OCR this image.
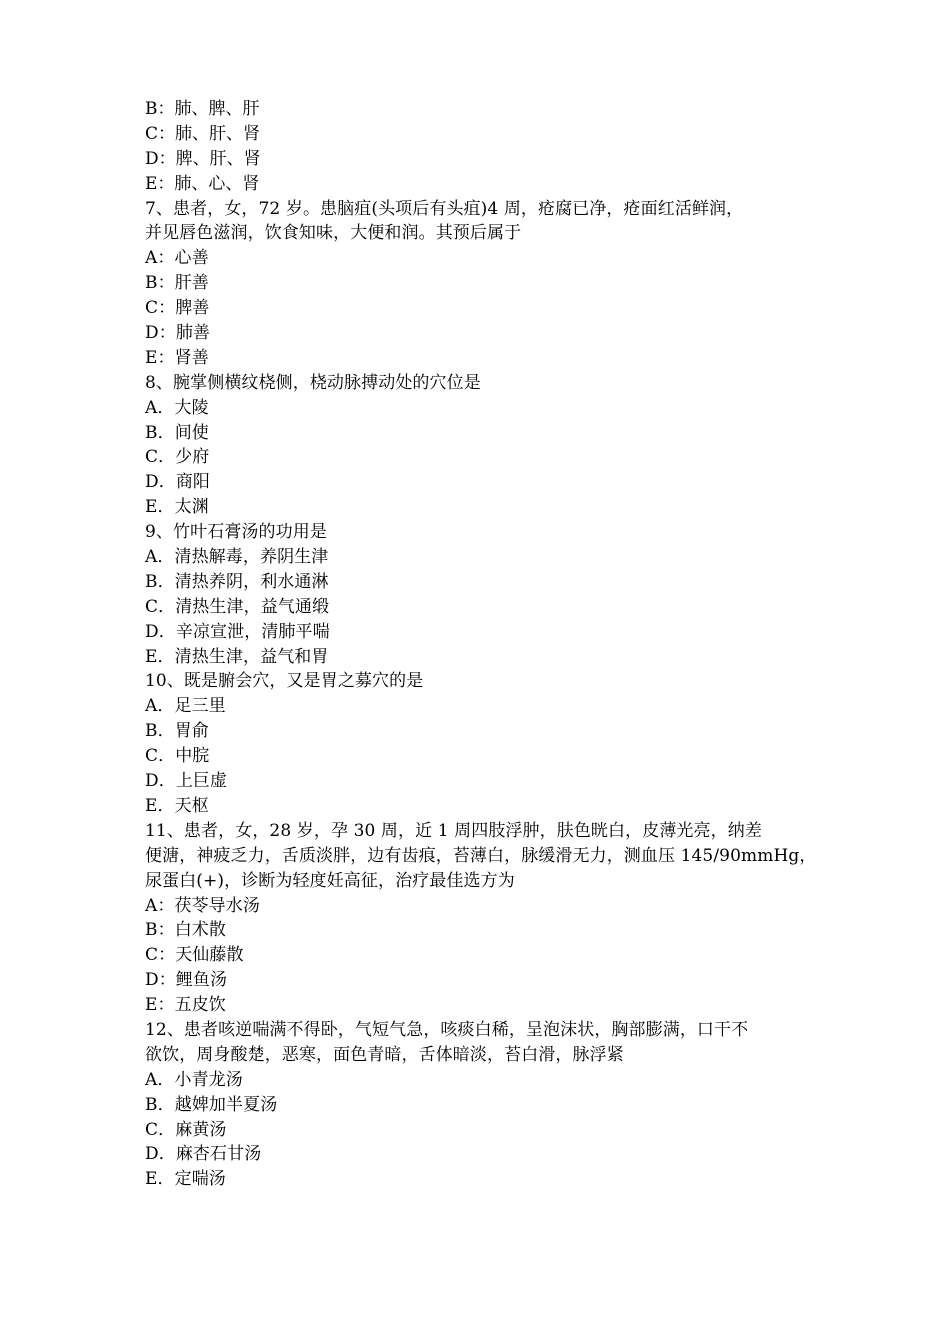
B：肺、脾、肝
C：肺、肝、肾
D：脾、肝、肾
E：肺、心、肾
7、患者，女，72 岁。患脑疽(头项后有头疽)4 周，疮腐已净，疮面红活鲜润，
并见唇色滋润，饮食知味，大便和润。其预后属于
A：心善
B：肝善
C：脾善
D：肺善
E：肾善
8、腕掌侧横纹桡侧，桡动脉搏动处的穴位是
A．大陵
B．间使
C．少府
D．商阳
E．太渊
9、竹叶石膏汤的功用是
A．清热解毒，养阴生津
B．清热养阴，利水通淋
C．清热生津，益气通缎
D．辛凉宣泄，清肺平喘
E．清热生津，益气和胃
10、既是腑会穴，又是胃之募穴的是
A．足三里
B．胃俞
C．中脘
D．上巨虚
E．天枢
11、患者，女，28 岁，孕 30 周，近 1 周四肢浮肿，肤色晄白，皮薄光亮，纳差
便溏，神疲乏力，舌质淡胖，边有齿痕，苔薄白，脉缓滑无力，测血压 145/90mmHg，
尿蛋白(+)，诊断为轻度妊高征，治疗最佳选方为
A：茯苓导水汤
B：白术散
C：天仙藤散
D：鲤鱼汤
E：五皮饮
12、患者咳逆喘满不得卧，气短气急，咳痰白稀，呈泡沫状，胸部膨满，口干不
欲饮，周身酸楚，恶寒，面色青暗，舌体暗淡，苔白滑，脉浮紧
A．小青龙汤
B．越婢加半夏汤
C．麻黄汤
D．麻杏石甘汤
E．定喘汤
